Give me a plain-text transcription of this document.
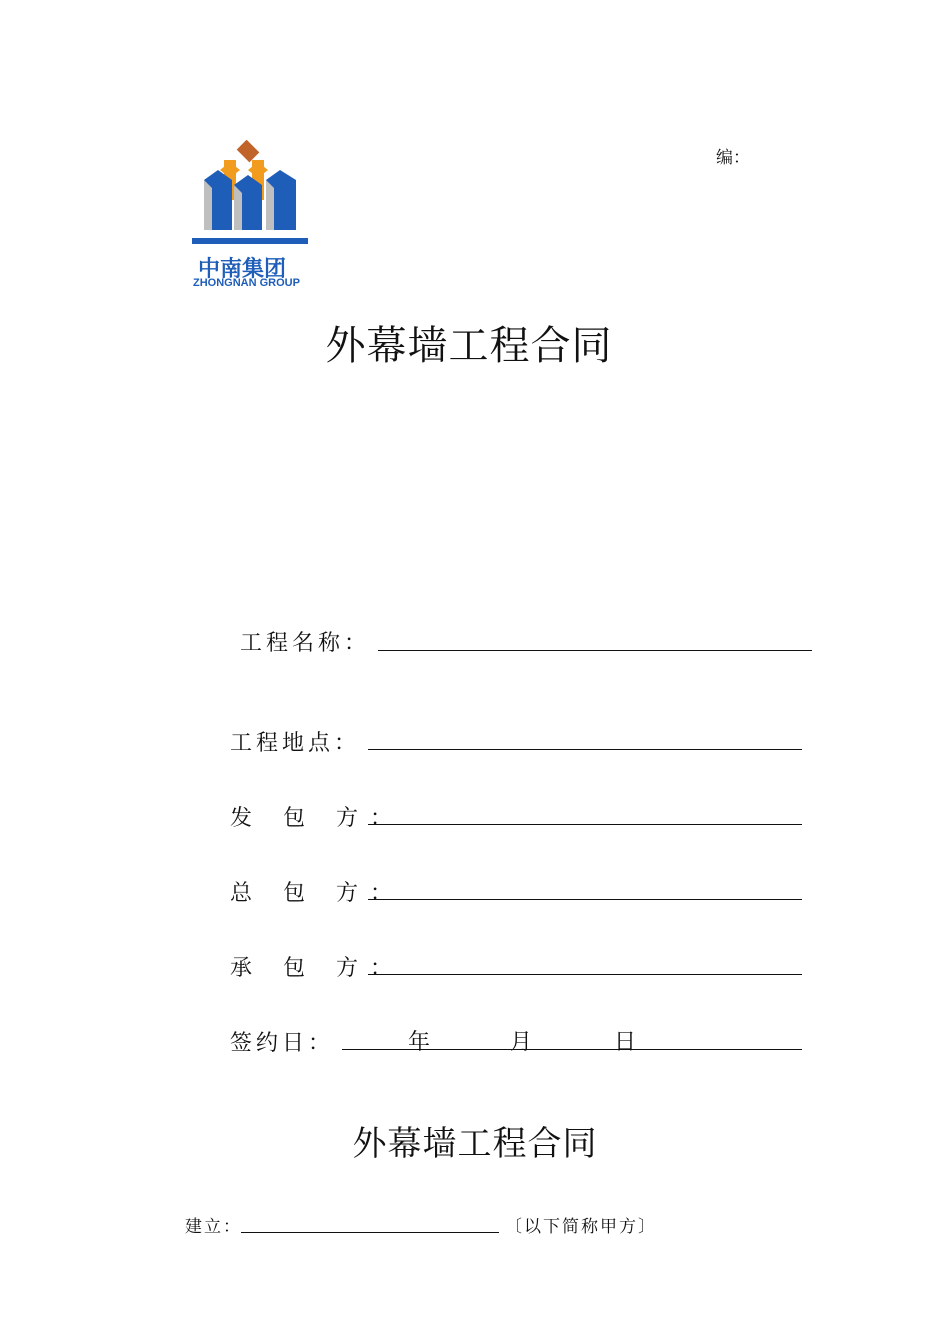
中南集团
ZHONGNAN GROUP
编：
外幕墙工程合同
工程名称：
工程地点：
发 包 方：
总 包 方：
承 包 方：
签约日：	年	月	日
外幕墙工程合同
建立：	〔以下简称甲方〕
